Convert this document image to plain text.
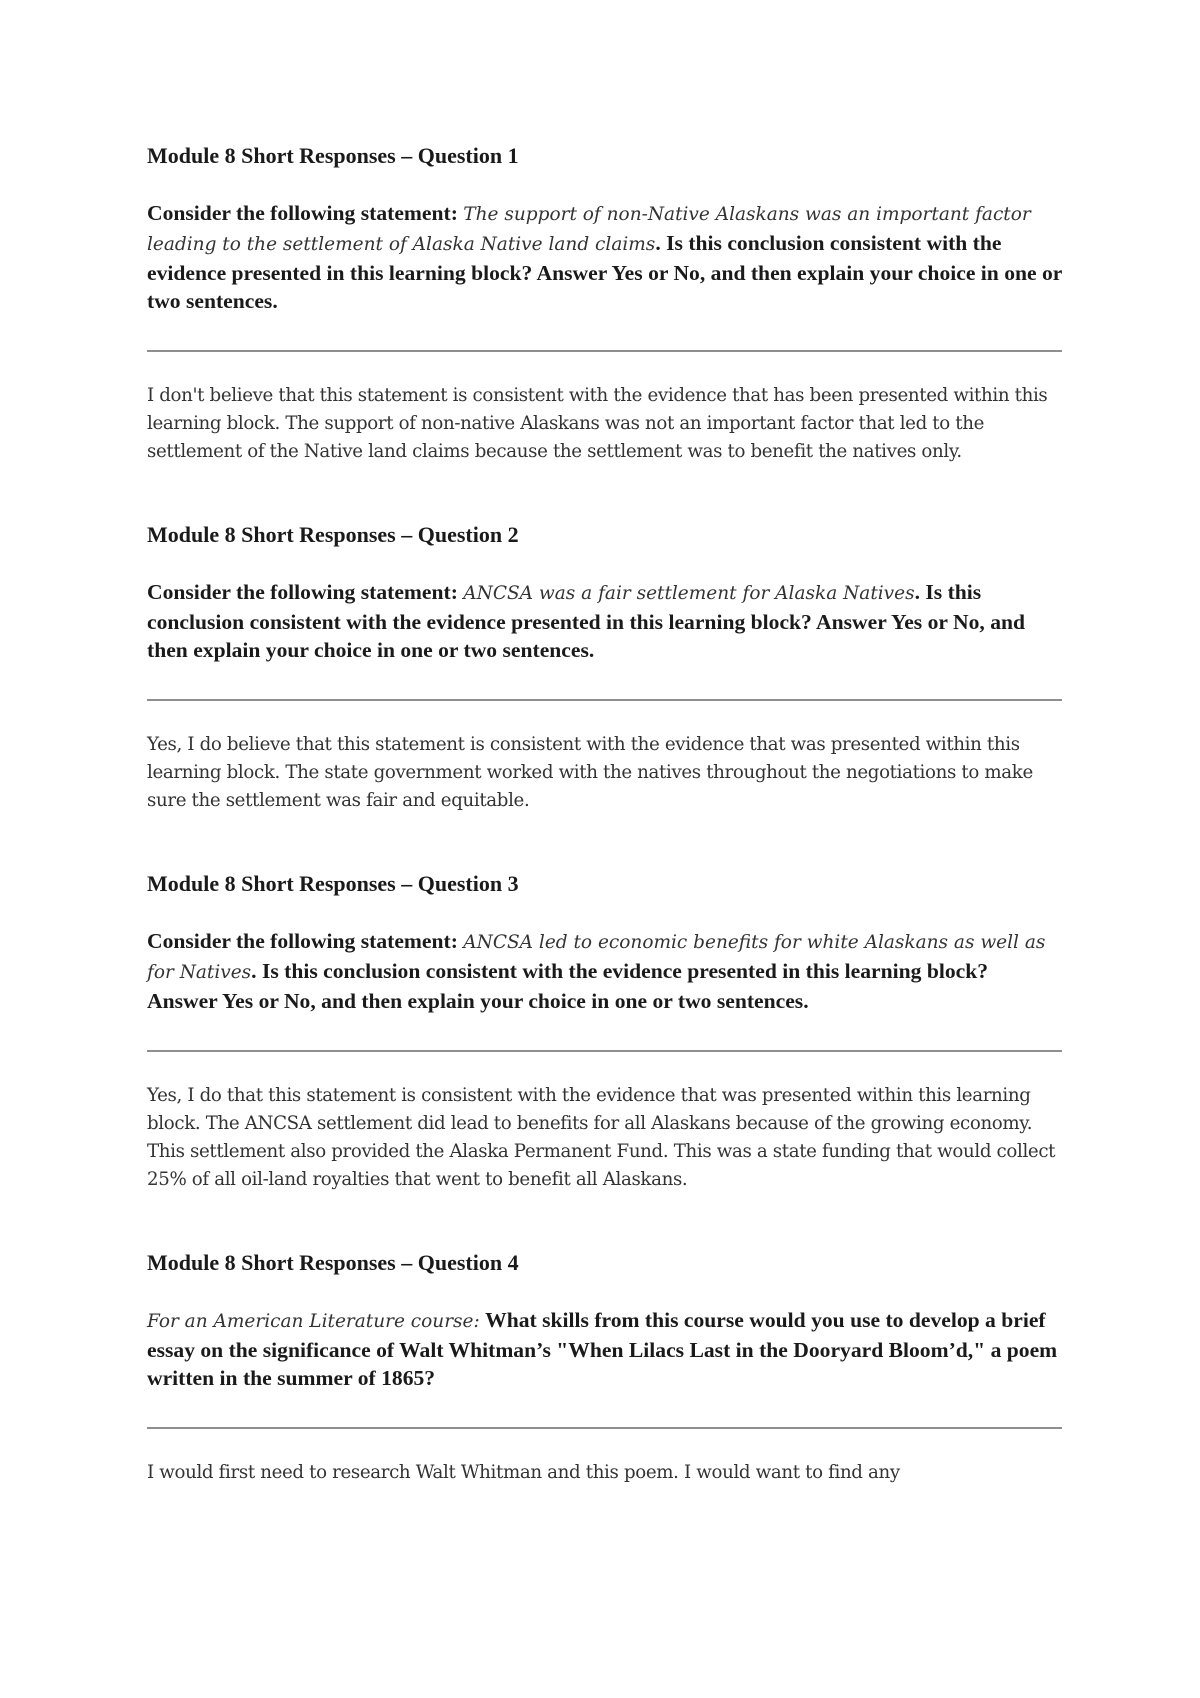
Module 8 Short Responses – Question 1

Consider the following statement: The support of non-Native Alaskans was an important factor leading to the settlement of Alaska Native land claims. Is this conclusion consistent with the evidence presented in this learning block? Answer Yes or No, and then explain your choice in one or two sentences.

I don't believe that this statement is consistent with the evidence that has been presented within this learning block. The support of non-native Alaskans was not an important factor that led to the settlement of the Native land claims because the settlement was to benefit the natives only.

Module 8 Short Responses – Question 2

Consider the following statement: ANCSA was a fair settlement for Alaska Natives. Is this conclusion consistent with the evidence presented in this learning block? Answer Yes or No, and then explain your choice in one or two sentences.

Yes, I do believe that this statement is consistent with the evidence that was presented within this learning block. The state government worked with the natives throughout the negotiations to make sure the settlement was fair and equitable.

Module 8 Short Responses – Question 3

Consider the following statement: ANCSA led to economic benefits for white Alaskans as well as for Natives. Is this conclusion consistent with the evidence presented in this learning block? Answer Yes or No, and then explain your choice in one or two sentences.

Yes, I do that this statement is consistent with the evidence that was presented within this learning block. The ANCSA settlement did lead to benefits for all Alaskans because of the growing economy. This settlement also provided the Alaska Permanent Fund. This was a state funding that would collect 25% of all oil-land royalties that went to benefit all Alaskans.

Module 8 Short Responses – Question 4

For an American Literature course: What skills from this course would you use to develop a brief essay on the significance of Walt Whitman’s "When Lilacs Last in the Dooryard Bloom’d," a poem written in the summer of 1865?

I would first need to research Walt Whitman and this poem. I would want to find any
